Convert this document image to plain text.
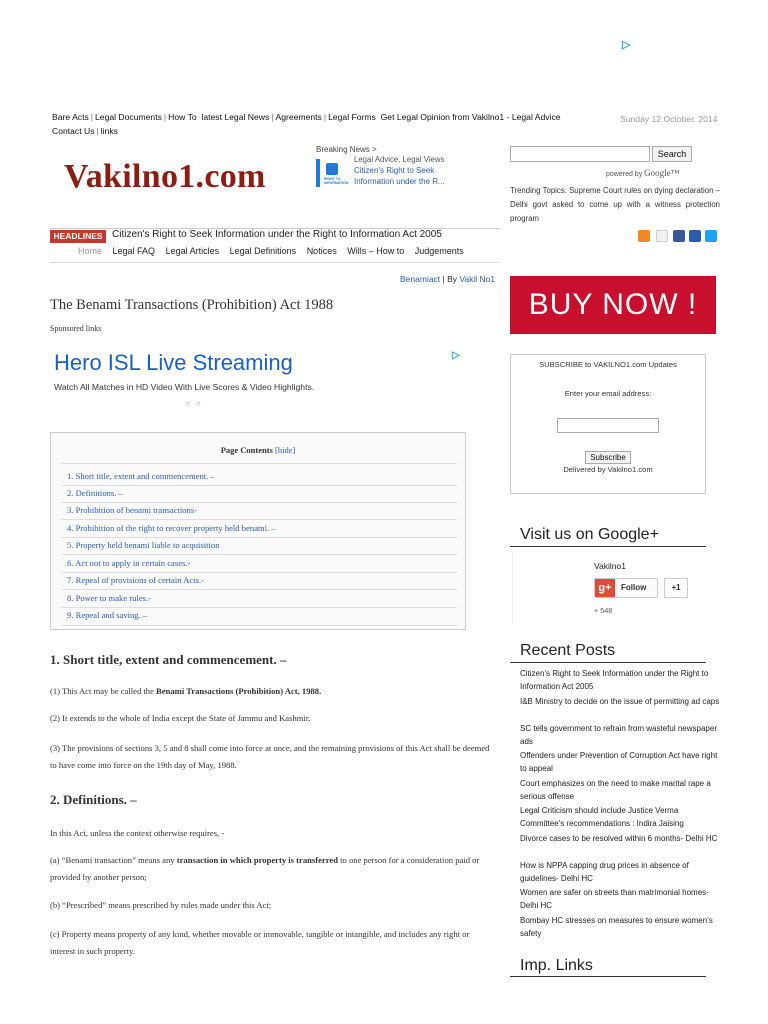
▷
Bare Acts | Legal Documents | How To latest Legal News | Agreements | Legal Forms Get Legal Opinion from Vakilno1 - Legal Advice
Contact Us | links
Sunday 12 October, 2014
Vakilno1.com
Breaking News >
RIGHT TO INFORMATION
Legal Advice, Legal Views
Citizen's Right to Seek Information under the R...
Search
powered by Google™
Trending Topics: Supreme Court rules on dying declaration – Delhi govt asked to come up with a witness protection program
HEADLINES Citizen's Right to Seek Information under the Right to Information Act 2005
Home Legal FAQ Legal Articles Legal Definitions Notices Wills – How to Judgements
Benamiact | By Vakil No1
The Benami Transactions (Prohibition) Act 1988
Sponsored links
Hero ISL Live Streaming
Watch All Matches in HD Video With Live Scores & Video Highlights.
○○
▷
Page Contents [hide]
1. Short title, extent and commencement. –
2. Definitions. –
3. Prohibition of benami transactions-
4. Prohibition of the right to recover property held benami. –
5. Property held benami liable to acquisition
6. Act not to apply in certain cases.-
7. Repeal of provisions of certain Acts.-
8. Power to make rules.-
9. Repeal and saving. –
1. Short title, extent and commencement. –
(1) This Act may be called the Benami Transactions (Prohibition) Act, 1988.
(2) It extends to the whole of India except the State of Jammu and Kashmir.
(3) The provisions of sections 3, 5 and 8 shall come into force at once, and the remaining provisions of this Act shall be deemed to have come into force on the 19th day of May, 1988.
2. Definitions. –
In this Act, unless the context otherwise requires, -
(a) “Benami transaction” means any transaction in which property is transferred to one person for a consideration paid or provided by another person;
(b) “Prescribed” means prescribed by rules made under this Act;
(c) Property means property of any kind, whether movable or immovable, tangible or intangible, and includes any right or interest in such property.
BUY NOW !
SUBSCRIBE to VAKILNO1.com Updates
Enter your email address:
Subscribe
Delivered by Vakilno1.com
Visit us on Google+
Vakilno1
g+	Follow	+1
+ 548
Recent Posts
Citizen's Right to Seek Information under the Right to Information Act 2005
I&B Ministry to decide on the issue of permitting ad caps
SC tells government to refrain from wasteful newspaper ads
Offenders under Prevention of Corruption Act have right to appeal
Court emphasizes on the need to make marital rape a serious offense
Legal Criticism should include Justice Verma Committee's recommendations : Indira Jaising
Divorce cases to be resolved within 6 months- Delhi HC
How is NPPA capping drug prices in absence of guidelines- Delhi HC
Women are safer on streets than matrimonial homes- Delhi HC
Bombay HC stresses on measures to ensure women's safety
Imp. Links
